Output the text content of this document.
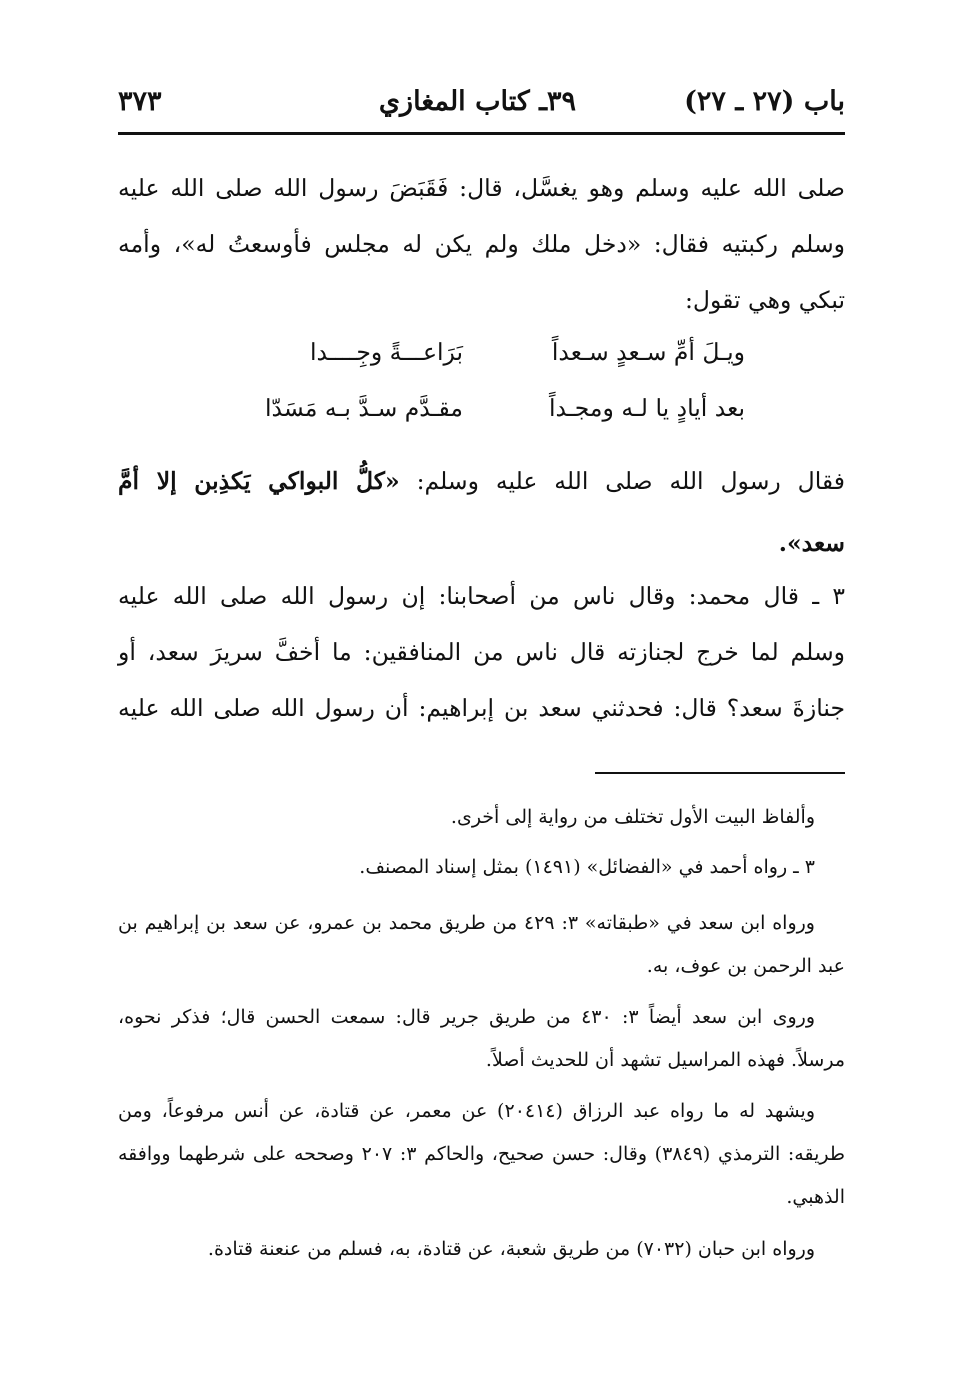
باب (٢٧ ـ ٢٧)
٣٩ـ كتاب المغازي
٣٧٣
صلى الله عليه وسلم وهو يغسَّل، قال: فَقَبَضَ رسول الله صلى الله عليه
وسلم ركبتيه فقال: «دخل ملك ولم يكن له مجلس فأوسعتُ له»، وأمه
تبكي وهي تقول:
ويـلَ أمِّ سـعدٍ سـعداً
بَرَاعـــةً وجِــــدا
بعد أيادٍ يا لـه ومجـداً
مقـدَّم سـدَّ بـه مَسَدّا
فقال رسول الله صلى الله عليه وسلم: «كلُّ البواكي يَكذِبن إلا أمَّ
سعد».
٣ ـ قال محمد: وقال ناس من أصحابنا: إن رسول الله صلى الله عليه
وسلم لما خرج لجنازته قال ناس من المنافقين: ما أخفَّ سريرَ سعد، أو
جنازةَ سعد؟ قال: فحدثني سعد بن إبراهيم: أن رسول الله صلى الله عليه
وألفاظ البيت الأول تختلف من رواية إلى أخرى.
٣ ـ رواه أحمد في «الفضائل» (١٤٩١) بمثل إسناد المصنف.
ورواه ابن سعد في «طبقاته» ٣: ٤٢٩ من طريق محمد بن عمرو، عن سعد بن إبراهيم بن عبد الرحمن بن عوف، به.
وروى ابن سعد أيضاً ٣: ٤٣٠ من طريق جرير قال: سمعت الحسن قال؛ فذكر نحوه، مرسلاً. فهذه المراسيل تشهد أن للحديث أصلاً.
ويشهد له ما رواه عبد الرزاق (٢٠٤١٤) عن معمر، عن قتادة، عن أنس مرفوعاً، ومن طريقه: الترمذي (٣٨٤٩) وقال: حسن صحيح، والحاكم ٣: ٢٠٧ وصححه على شرطهما ووافقه الذهبي.
ورواه ابن حبان (٧٠٣٢) من طريق شعبة، عن قتادة، به، فسلم من عنعنة قتادة.
